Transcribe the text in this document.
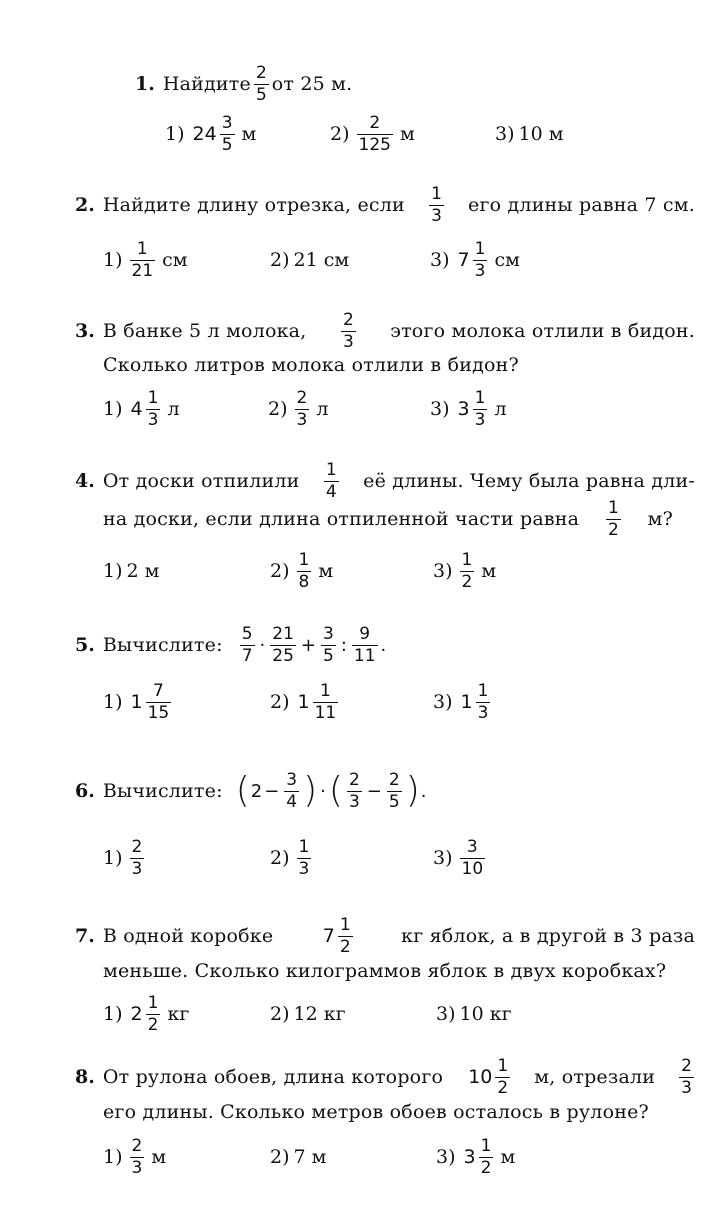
1. Найдите $\frac{2}{5}$ от 25 м.
1) $24 \frac{3}{5}$ м	$2) \frac{2}{125}$ м	3) 10 м
2. Найдите длину отрезка, если $\frac{1}{3}$ его длины равна 7 см.
$1) \frac{1}{21}$ см	2) 21 см	3) $7 \frac{1}{3}$ см
3. В банке 5 л молока, $\frac{2}{3}$ этого молока отлили в бидон.
Сколько литров молока отлили в бидон?
1) $4 \frac{1}{3}$ л	$2) \frac{2}{3}$ л	3) $3 \frac{1}{3}$ л
4. От доски отпилили $\frac{1}{4}$ её длины. Чему была равна дли-
на доски, если длина отпиленной части равна $\frac{1}{2} м$?
1) 2 м	$2) \frac{1}{8}$ м	$3) \frac{1}{2}$ м
5. Вычислите: $\frac{5}{7} \cdot \frac{21}{25} + \frac{3}{5}$ : $\frac{9}{11}$ .
1) $1 \frac{7}{15}$	2) $1 \frac{1}{11}$	3) $1 \frac{1}{3}$
6. Вычислите: ( $2 - \frac{3}{4}$ ) · ( $\frac{2}{3} - \frac{2}{5}$ ) .
$1) \frac{2}{3}$	$2) \frac{1}{3}$	$3) \frac{3}{10}$
7. В одной коробке	$7 \frac{1}{2}$	кг яблок, а в другой в 3 раза
меньше. Сколько килограммов яблок в двух коробках?
1) $2 \frac{1}{2}$ кг	2) 12 кг	3) 10 кг
8. От рулона обоев, длина которого $10 \frac{1}{2} м$, отрезали $\frac{2}{3}$
его длины. Сколько метров обоев осталось в рулоне?
$1) \frac{2}{3}$ м	2) 7 м	3) $3 \frac{1}{2}$ м
